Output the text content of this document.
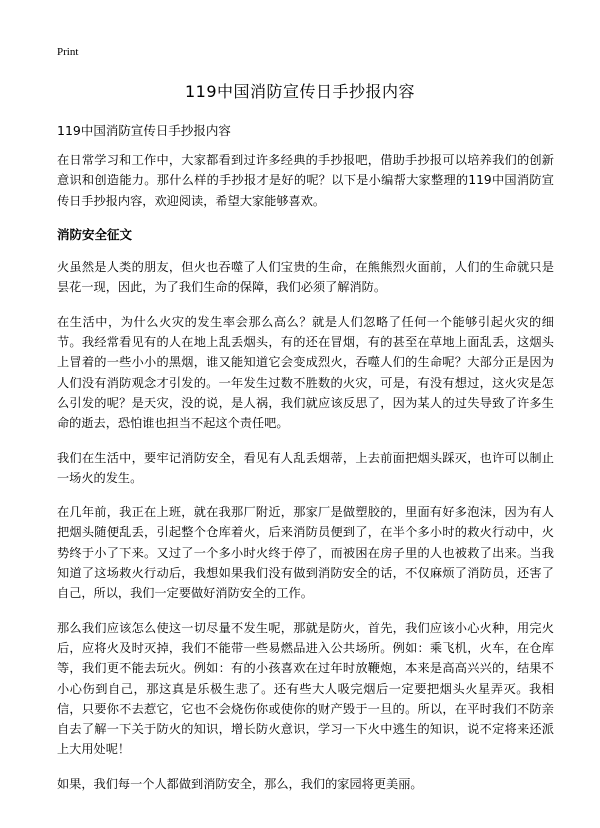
Print
119中国消防宣传日手抄报内容
119中国消防宣传日手抄报内容

在日常学习和工作中，大家都看到过许多经典的手抄报吧，借助手抄报可以培养我们的创新意识和创造能力。那什么样的手抄报才是好的呢？以下是小编帮大家整理的119中国消防宣传日手抄报内容，欢迎阅读，希望大家能够喜欢。

消防安全征文

火虽然是人类的朋友，但火也吞噬了人们宝贵的生命，在熊熊烈火面前，人们的生命就只是昙花一现，因此，为了我们生命的保障，我们必须了解消防。

在生活中，为什么火灾的发生率会那么高么？就是人们忽略了任何一个能够引起火灾的细节。我经常看见有的人在地上乱丢烟头，有的还在冒烟，有的甚至在草地上面乱丢，这烟头上冒着的一些小小的黑烟，谁又能知道它会变成烈火，吞噬人们的生命呢？大部分正是因为人们没有消防观念才引发的。一年发生过数不胜数的火灾，可是，有没有想过，这火灾是怎么引发的呢？是天灾，没的说，是人祸，我们就应该反思了，因为某人的过失导致了许多生命的逝去，恐怕谁也担当不起这个责任吧。

我们在生活中，要牢记消防安全，看见有人乱丢烟蒂，上去前面把烟头踩灭，也许可以制止一场火的发生。

在几年前，我正在上班，就在我那厂附近，那家厂是做塑胶的，里面有好多泡沫，因为有人把烟头随便乱丢，引起整个仓库着火，后来消防员便到了，在半个多小时的救火行动中，火势终于小了下来。又过了一个多小时火终于停了，而被困在房子里的人也被救了出来。当我知道了这场救火行动后，我想如果我们没有做到消防安全的话，不仅麻烦了消防员，还害了自己，所以，我们一定要做好消防安全的工作。

那么我们应该怎么使这一切尽量不发生呢，那就是防火，首先，我们应该小心火种，用完火后，应将火及时灭掉，我们不能带一些易燃品进入公共场所。例如：乘飞机，火车，在仓库等，我们更不能去玩火。例如：有的小孩喜欢在过年时放鞭炮，本来是高高兴兴的，结果不小心伤到自己，那这真是乐极生悲了。还有些大人吸完烟后一定要把烟头火星弄灭。我相信，只要你不去惹它，它也不会烧伤你或使你的财产毁于一旦的。所以，在平时我们不防亲自去了解一下关于防火的知识，增长防火意识，学习一下火中逃生的知识，说不定将来还派上大用处呢！

如果，我们每一个人都做到消防安全，那么，我们的家园将更美丽。
